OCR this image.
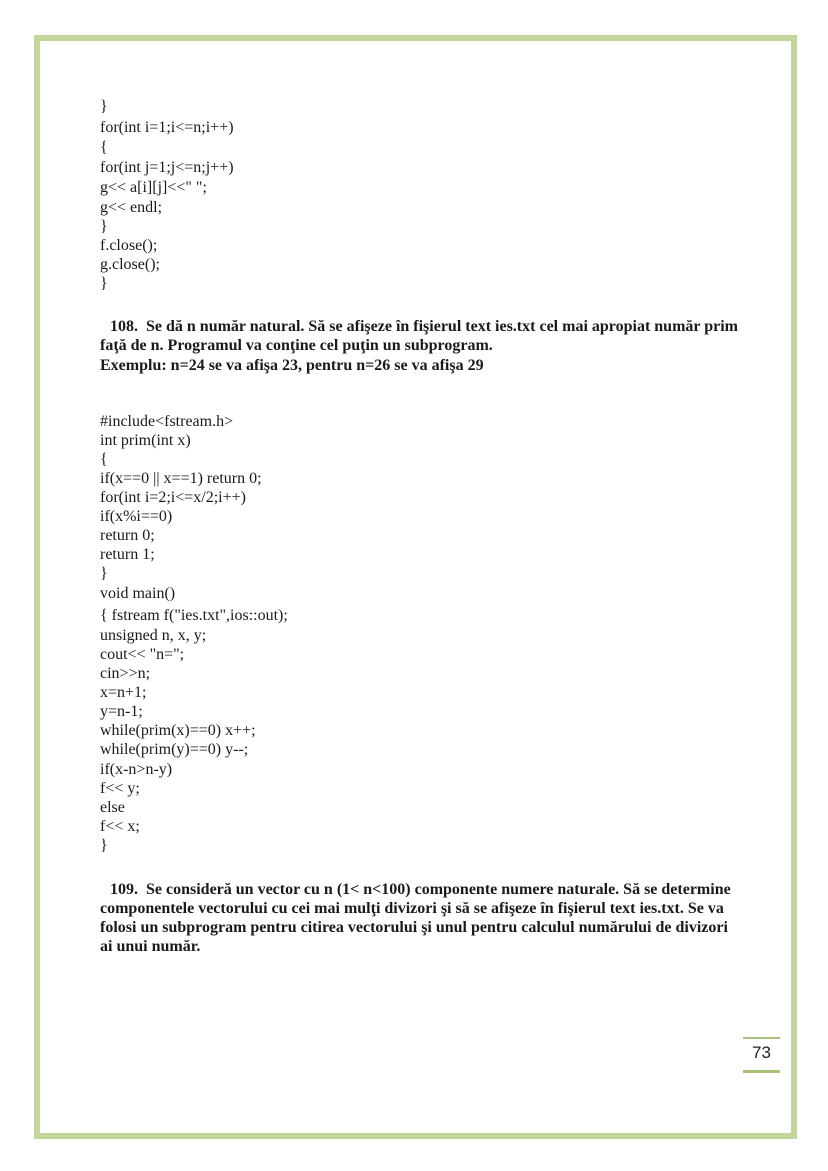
}
for(int i=1;i<=n;i++)
{
for(int j=1;j<=n;j++)
g<< a[i][j]<<" ";
g<< endl;
}
f.close();
g.close();
}
108.  Se dă n număr natural. Să se afişeze în fişierul text ies.txt cel mai apropiat număr prim
faţă de n. Programul va conţine cel puţin un subprogram.
Exemplu: n=24 se va afişa 23, pentru n=26 se va afişa 29
#include<fstream.h>
int prim(int x)
{
if(x==0 || x==1) return 0;
for(int i=2;i<=x/2;i++)
if(x%i==0)
return 0;
return 1;
}
void main()
{ fstream f("ies.txt",ios::out);
unsigned n, x, y;
cout<< "n=";
cin>>n;
x=n+1;
y=n-1;
while(prim(x)==0) x++;
while(prim(y)==0) y--;
if(x-n>n-y)
f<< y;
else
f<< x;
}
109.  Se consideră un vector cu n (1< n<100) componente numere naturale. Să se determine
componentele vectorului cu cei mai mulţi divizori şi să se afişeze în fişierul text ies.txt. Se va
folosi un subprogram pentru citirea vectorului şi unul pentru calculul numărului de divizori
ai unui număr.
73
